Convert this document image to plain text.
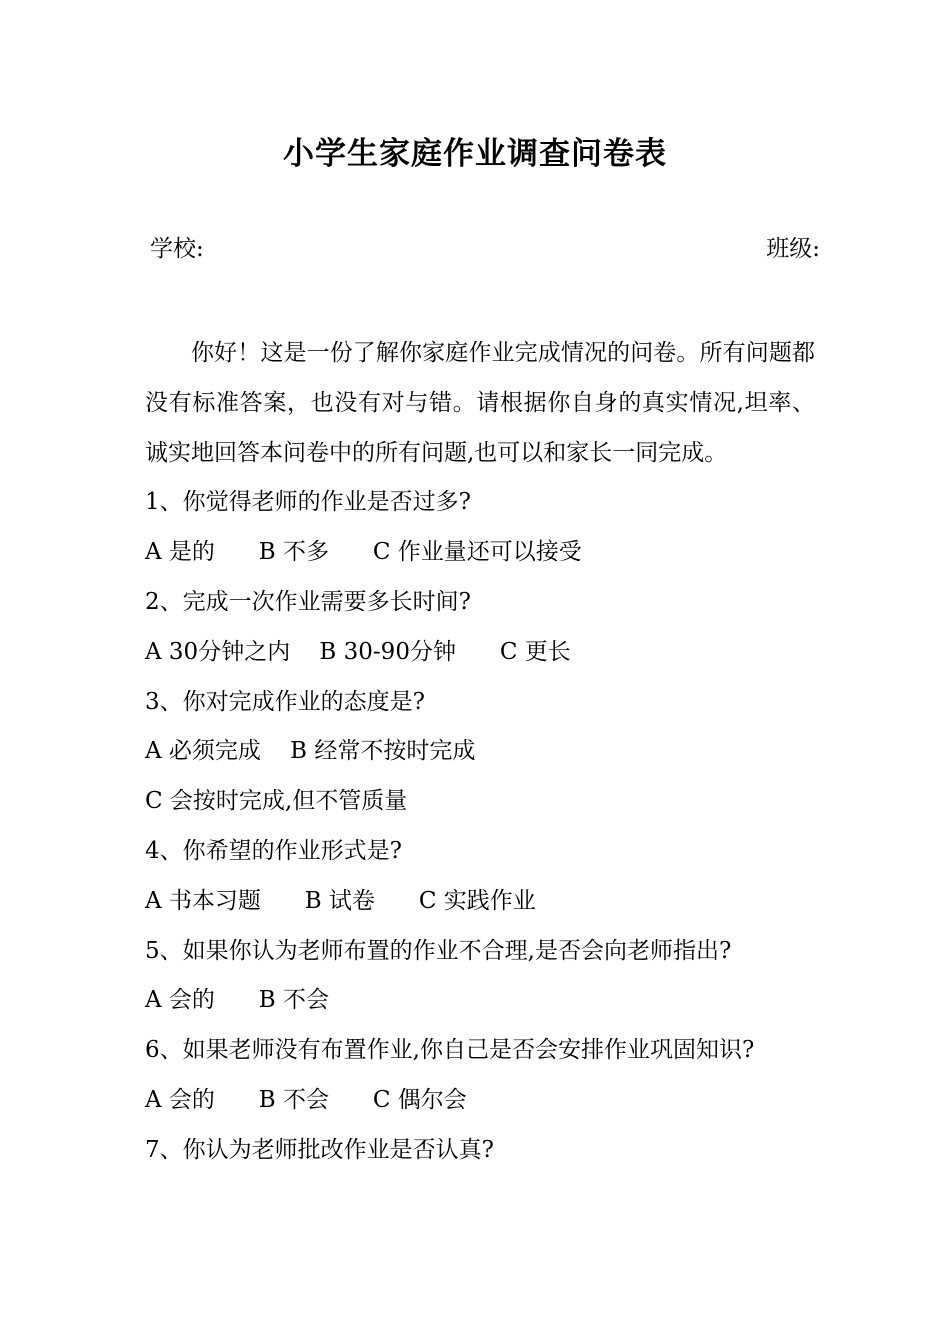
小学生家庭作业调查问卷表
学校:	班级:

你好！这是一份了解你家庭作业完成情况的问卷。所有问题都没有标准答案，也没有对与错。请根据你自身的真实情况,坦率、诚实地回答本问卷中的所有问题,也可以和家长一同完成。

1、你觉得老师的作业是否过多?

A 是的      B 不多      C 作业量还可以接受

2、完成一次作业需要多长时间?

A 30分钟之内    B 30-90分钟      C 更长

3、你对完成作业的态度是?

A 必须完成    B 经常不按时完成

C 会按时完成,但不管质量

4、你希望的作业形式是?

A 书本习题      B 试卷      C 实践作业

5、如果你认为老师布置的作业不合理,是否会向老师指出?

A 会的      B 不会

6、如果老师没有布置作业,你自己是否会安排作业巩固知识?

A 会的      B 不会      C 偶尔会

7、你认为老师批改作业是否认真?
